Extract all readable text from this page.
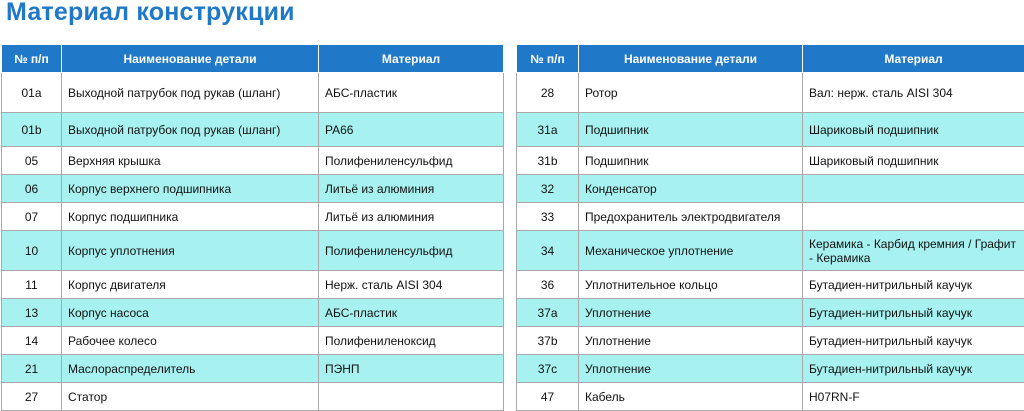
Материал конструкции
№ п/п	Наименование детали	Материал
01a	Выходной патрубок под рукав (шланг)	АБС-пластик
01b	Выходной патрубок под рукав (шланг)	PA66
05	Верхняя крышка	Полифениленсульфид
06	Корпус верхнего подшипника	Литьё из алюминия
07	Корпус подшипника	Литьё из алюминия
10	Корпус уплотнения	Полифениленсульфид
11	Корпус двигателя	Нерж. сталь AISI 304
13	Корпус насоса	АБС-пластик
14	Рабочее колесо	Полифениленоксид
21	Маслораспределитель	ПЭНП
27	Статор	
№ п/п	Наименование детали	Материал
28	Ротор	Вал: нерж. сталь AISI 304
31a	Подшипник	Шариковый подшипник
31b	Подшипник	Шариковый подшипник
32	Конденсатор	
33	Предохранитель электродвигателя	
34	Механическое уплотнение	Керамика - Карбид кремния / Графит - Керамика
36	Уплотнительное кольцо	Бутадиен-нитрильный каучук
37a	Уплотнение	Бутадиен-нитрильный каучук
37b	Уплотнение	Бутадиен-нитрильный каучук
37c	Уплотнение	Бутадиен-нитрильный каучук
47	Кабель	H07RN-F
